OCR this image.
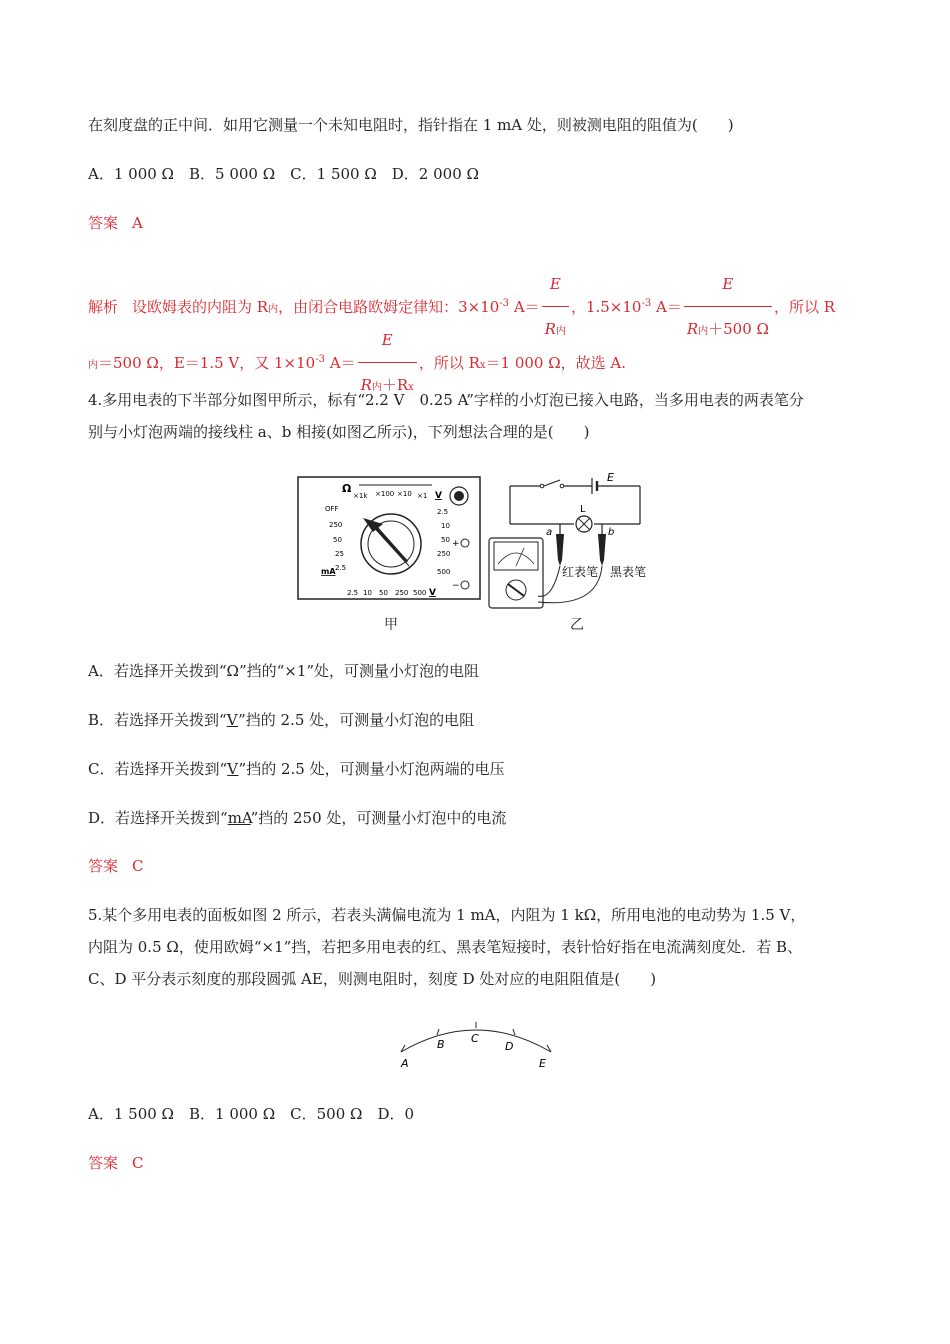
在刻度盘的正中间．如用它测量一个未知电阻时，指针指在 1 mA 处，则被测电阻的阻值为(　　)
A．1 000 Ω　B．5 000 Ω　C．1 500 Ω　D．2 000 Ω
答案 A
解析 设欧姆表的内阻为 R内，由闭合电路欧姆定律知：$3\times 10^{-3}$ $A= \frac{E}{\text{R内}}$ ，$1.5\times 10^{-3}$ $A= \frac{E}{\text{R内＋500 Ω}}$ ，所以 R
内＝500 Ω，E＝1.5 V，又 $1\times 10^{-3}$ $A= \frac{E}{\text{R内＋Rx}}$ ，所以 Rx＝1 000 Ω，故选 A.
4.多用电表的下半部分如图甲所示，标有“2.2 V　0.25 A”字样的小灯泡已接入电路，当多用电表的两表笔分
别与小灯泡两端的接线柱 a、b 相接(如图乙所示)，下列想法合理的是(　　)
Ω
×1k ×100 ×10 ×1 V
OFF
250
50
25
2.5
mA
2.5
10
50
250
500
+
−
2.5 10 50 250 500 V
甲
E
L
a	b
红表笔 黑表笔
乙
A．若选择开关拨到“Ω”挡的“×1”处，可测量小灯泡的电阻
B．若选择开关拨到“V”挡的 2.5 处，可测量小灯泡的电阻
C．若选择开关拨到“V”挡的 2.5 处，可测量小灯泡两端的电压
D．若选择开关拨到“mA”挡的 250 处，可测量小灯泡中的电流
答案 C
5.某个多用电表的面板如图 2 所示，若表头满偏电流为 1 mA，内阻为 1 kΩ，所用电池的电动势为 1.5 V，
内阻为 0.5 Ω，使用欧姆“×1”挡，若把多用电表的红、黑表笔短接时，表针恰好指在电流满刻度处．若 B、
C、D 平分表示刻度的那段圆弧 AE，则测电阻时，刻度 D 处对应的电阻阻值是(　　)
A
B C
D
E
A．1 500 Ω　B．1 000 Ω　C．500 Ω　D．0
答案 C
